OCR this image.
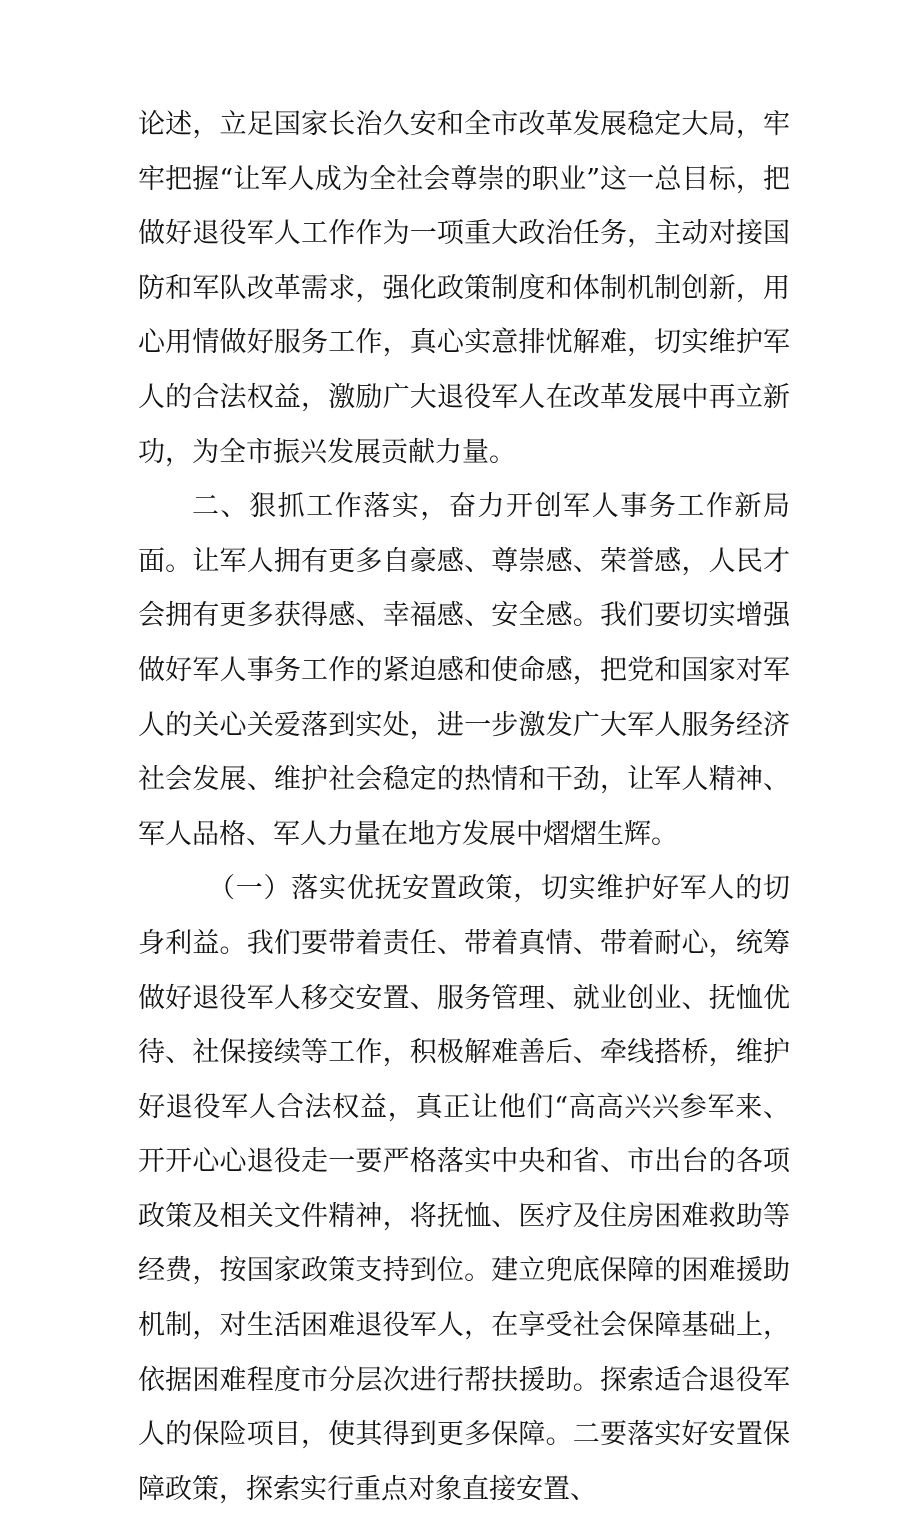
论述，立足国家长治久安和全市改革发展稳定大局，牢牢把握“让军人成为全社会尊崇的职业”这一总目标，把做好退役军人工作作为一项重大政治任务，主动对接国防和军队改革需求，强化政策制度和体制机制创新，用心用情做好服务工作，真心实意排忧解难，切实维护军人的合法权益，激励广大退役军人在改革发展中再立新功，为全市振兴发展贡献力量。

二、狠抓工作落实，奋力开创军人事务工作新局面。让军人拥有更多自豪感、尊崇感、荣誉感，人民才会拥有更多获得感、幸福感、安全感。我们要切实增强做好军人事务工作的紧迫感和使命感，把党和国家对军人的关心关爱落到实处，进一步激发广大军人服务经济社会发展、维护社会稳定的热情和干劲，让军人精神、军人品格、军人力量在地方发展中熠熠生辉。

（一）落实优抚安置政策，切实维护好军人的切身利益。我们要带着责任、带着真情、带着耐心，统筹做好退役军人移交安置、服务管理、就业创业、抚恤优待、社保接续等工作，积极解难善后、牵线搭桥，维护好退役军人合法权益，真正让他们“高高兴兴参军来、开开心心退役走一要严格落实中央和省、市出台的各项政策及相关文件精神，将抚恤、医疗及住房困难救助等经费，按国家政策支持到位。建立兜底保障的困难援助机制，对生活困难退役军人，在享受社会保障基础上，依据困难程度市分层次进行帮扶援助。探索适合退役军人的保险项目，使其得到更多保障。二要落实好安置保障政策，探索实行重点对象直接安置、
